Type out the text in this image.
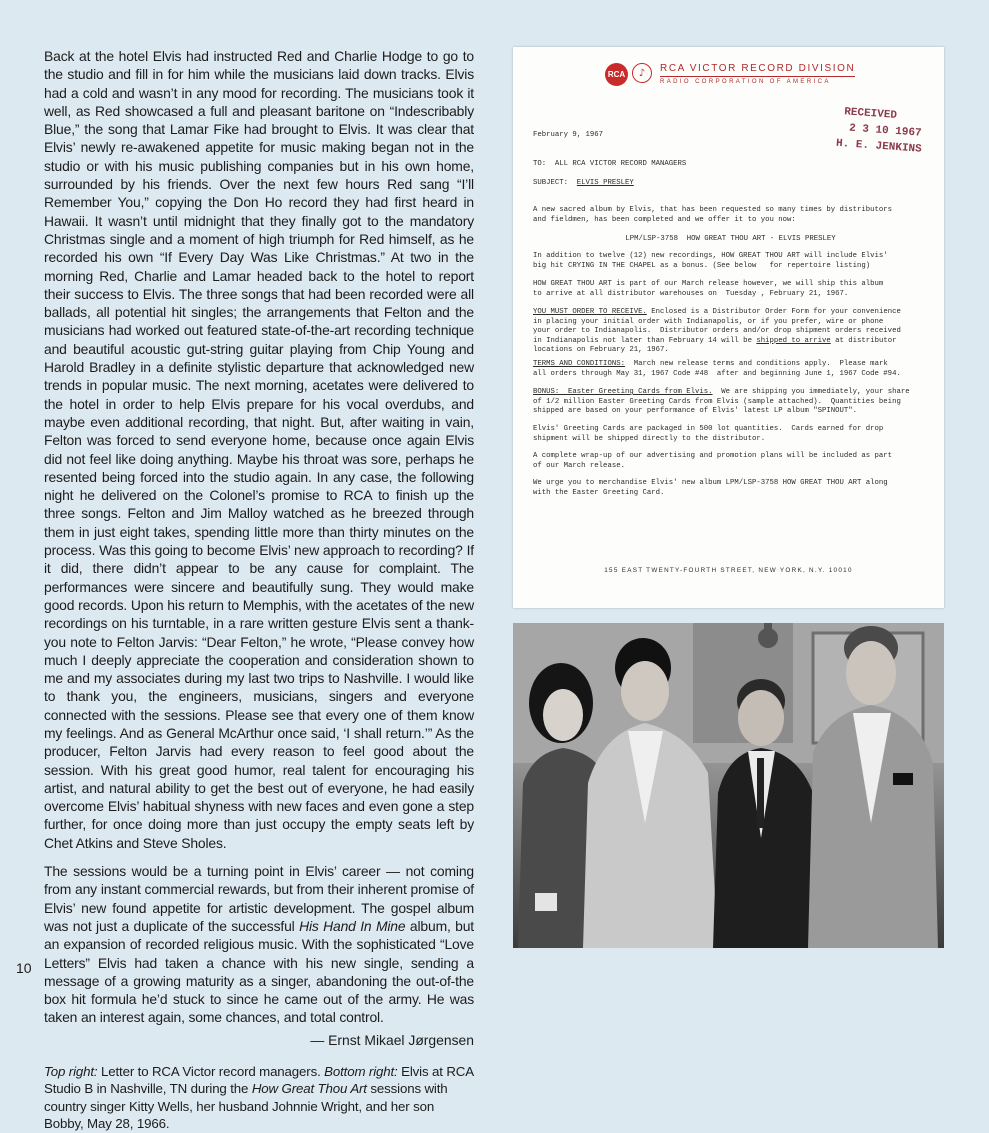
Back at the hotel Elvis had instructed Red and Charlie Hodge to go to the studio and fill in for him while the musicians laid down tracks. Elvis had a cold and wasn’t in any mood for recording. The musicians took it well, as Red showcased a full and pleasant baritone on “Indescribably Blue,” the song that Lamar Fike had brought to Elvis. It was clear that Elvis’ newly re-awakened appetite for music making began not in the studio or with his music publishing companies but in his own home, surrounded by his friends. Over the next few hours Red sang “I’ll Remember You,” copying the Don Ho record they had first heard in Hawaii. It wasn’t until midnight that they finally got to the mandatory Christmas single and a moment of high triumph for Red himself, as he recorded his own “If Every Day Was Like Christmas.” At two in the morning Red, Charlie and Lamar headed back to the hotel to report their success to Elvis. The three songs that had been recorded were all ballads, all potential hit singles; the arrangements that Felton and the musicians had worked out featured state-of-the-art recording technique and beautiful acoustic gut-string guitar playing from Chip Young and Harold Bradley in a definite stylistic departure that acknowledged new trends in popular music. The next morning, acetates were delivered to the hotel in order to help Elvis prepare for his vocal overdubs, and maybe even additional recording, that night. But, after waiting in vain, Felton was forced to send everyone home, because once again Elvis did not feel like doing anything. Maybe his throat was sore, perhaps he resented being forced into the studio again. In any case, the following night he delivered on the Colonel’s promise to RCA to finish up the three songs. Felton and Jim Malloy watched as he breezed through them in just eight takes, spending little more than thirty minutes on the process. Was this going to become Elvis’ new approach to recording? If it did, there didn’t appear to be any cause for complaint. The performances were sincere and beautifully sung. They would make good records. Upon his return to Memphis, with the acetates of the new recordings on his turntable, in a rare written gesture Elvis sent a thank-you note to Felton Jarvis: “Dear Felton,” he wrote, “Please convey how much I deeply appreciate the cooperation and consideration shown to me and my associates during my last two trips to Nashville. I would like to thank you, the engineers, musicians, singers and everyone connected with the sessions. Please see that every one of them know my feelings. And as General McArthur once said, ‘I shall return.’” As the producer, Felton Jarvis had every reason to feel good about the session. With his great good humor, real talent for encouraging his artist, and natural ability to get the best out of everyone, he had easily overcome Elvis’ habitual shyness with new faces and even gone a step further, for once doing more than just occupy the empty seats left by Chet Atkins and Steve Sholes.

The sessions would be a turning point in Elvis’ career — not coming from any instant commercial rewards, but from their inherent promise of Elvis’ new found appetite for artistic development. The gospel album was not just a duplicate of the successful His Hand In Mine album, but an expansion of recorded religious music. With the sophisticated “Love Letters” Elvis had taken a chance with his new single, sending a message of a growing maturity as a singer, abandoning the out-of-the box hit formula he’d stuck to since he came out of the army. He was taken an interest again, some chances, and total control.

— Ernst Mikael Jørgensen
Top right: Letter to RCA Victor record managers. Bottom right: Elvis at RCA Studio B in Nashville, TN during the How Great Thou Art sessions with country singer Kitty Wells, her husband Johnnie Wright, and her son Bobby, May 28, 1966.
10
RCA	♪	RCA VICTOR RECORD DIVISION
RADIO CORPORATION OF AMERICA
RECEIVED
2 3 10 1967
H. E. JENKINS
February 9, 1967
TO:  ALL RCA VICTOR RECORD MANAGERS
SUBJECT: ELVIS PRESLEY
A new sacred album by Elvis, that has been requested so many times by distributors
and fieldmen, has been completed and we offer it to you now:
LPM/LSP-3758  HOW GREAT THOU ART - ELVIS PRESLEY
In addition to twelve (12) new recordings, HOW GREAT THOU ART will include Elvis'
big hit CRYING IN THE CHAPEL as a bonus. (See below   for repertoire listing)
HOW GREAT THOU ART is part of our March release however, we will ship this album
to arrive at all distributor warehouses on  Tuesday , February 21, 1967.
YOU MUST ORDER TO RECEIVE. Enclosed is a Distributor Order Form for your convenience
in placing your initial order with Indianapolis, or if you prefer, wire or phone
your order to Indianapolis.  Distributor orders and/or drop shipment orders received
in Indianapolis not later than February 14 will be shipped to arrive at distributor
locations on February 21, 1967.
TERMS AND CONDITIONS:  March new release terms and conditions apply.  Please mark
all orders through May 31, 1967 Code #48  after and beginning June 1, 1967 Code #94.
BONUS:  Easter Greeting Cards from Elvis.  We are shipping you immediately, your share
of 1/2 million Easter Greeting Cards from Elvis (sample attached).  Quantities being
shipped are based on your performance of Elvis' latest LP album "SPINOUT".
Elvis' Greeting Cards are packaged in 500 lot quantities.  Cards earned for drop
shipment will be shipped directly to the distributor.
A complete wrap-up of our advertising and promotion plans will be included as part
of our March release.
We urge you to merchandise Elvis' new album LPM/LSP-3758 HOW GREAT THOU ART along
with the Easter Greeting Card.
155 EAST TWENTY-FOURTH STREET, NEW YORK, N.Y. 10010
